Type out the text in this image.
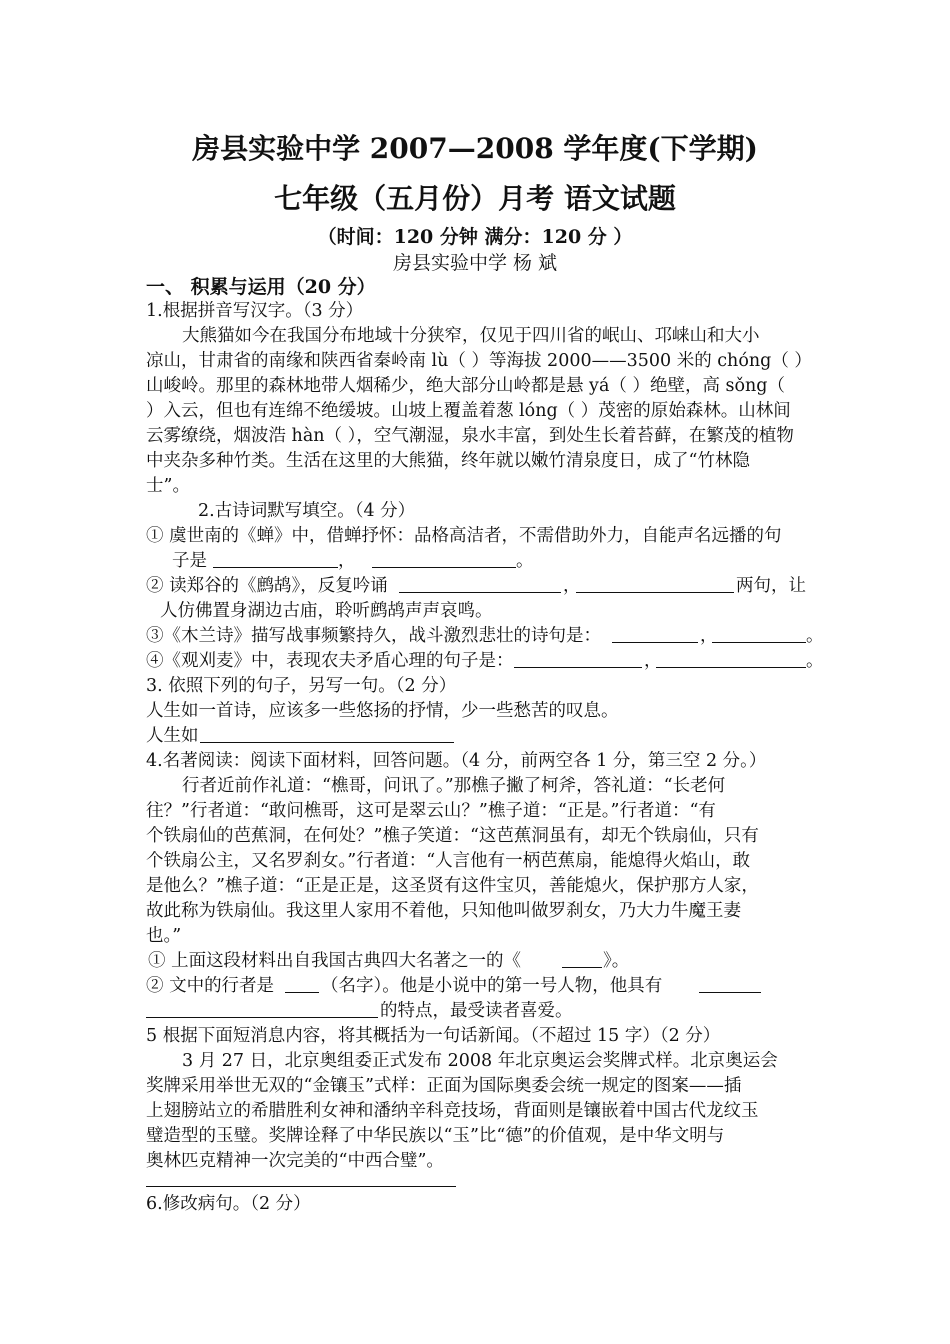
房县实验中学 2007—2008 学年度(下学期)
七年级（五月份）月考 语文试题
（时间：120 分钟 满分：120 分 ）
房县实验中学 杨 斌
一、 积累与运用（20 分）
1.根据拼音写汉字。（3 分）
大熊猫如今在我国分布地域十分狭窄，仅见于四川省的岷山、邛崃山和大小
凉山，甘肃省的南缘和陕西省秦岭南 lù（ ）等海拔 2000——3500 米的 chóng（ ）
山峻岭。那里的森林地带人烟稀少，绝大部分山岭都是悬 yá（ ）绝壁，高 sǒng（
）入云，但也有连绵不绝缓坡。山坡上覆盖着葱 lóng（ ）茂密的原始森林。山林间
云雾缭绕，烟波浩 hàn（ ），空气潮湿，泉水丰富，到处生长着苔藓，在繁茂的植物
中夹杂多种竹类。生活在这里的大熊猫，终年就以嫩竹清泉度日，成了“竹林隐
士”。
2.古诗词默写填空。（4 分）
① 虞世南的《蝉》中，借蝉抒怀：品格高洁者，不需借助外力，自能声名远播的句
子是	，	。
② 读郑谷的《鹧鸪》，反复吟诵	，	两句，让
人仿佛置身湖边古庙，聆听鹧鸪声声哀鸣。
③《木兰诗》描写战事频繁持久，战斗激烈悲壮的诗句是：	，	。
④《观刈麦》中，表现农夫矛盾心理的句子是：	，	。
3. 依照下列的句子，另写一句。（2 分）
人生如一首诗，应该多一些悠扬的抒情，少一些愁苦的叹息。
人生如
4.名著阅读：阅读下面材料，回答问题。（4 分，前两空各 1 分，第三空 2 分。）
行者近前作礼道：“樵哥，问讯了。”那樵子撇了柯斧，答礼道：“长老何
往？”行者道：“敢问樵哥，这可是翠云山？”樵子道：“正是。”行者道：“有
个铁扇仙的芭蕉洞，在何处？”樵子笑道：“这芭蕉洞虽有，却无个铁扇仙，只有
个铁扇公主，又名罗刹女。”行者道：“人言他有一柄芭蕉扇，能熄得火焰山，敢
是他么？”樵子道：“正是正是，这圣贤有这件宝贝，善能熄火，保护那方人家，
故此称为铁扇仙。我这里人家用不着他，只知他叫做罗刹女，乃大力牛魔王妻
也。”
① 上面这段材料出自我国古典四大名著之一的《	》。
② 文中的行者是	（名字）。他是小说中的第一号人物，他具有
的特点，最受读者喜爱。
5 根据下面短消息内容，将其概括为一句话新闻。（不超过 15 字）（2 分）
3 月 27 日，北京奥组委正式发布 2008 年北京奥运会奖牌式样。北京奥运会
奖牌采用举世无双的“金镶玉”式样：正面为国际奥委会统一规定的图案——插
上翅膀站立的希腊胜利女神和潘纳辛科竞技场，背面则是镶嵌着中国古代龙纹玉
璧造型的玉璧。奖牌诠释了中华民族以“玉”比“德”的价值观，是中华文明与
奥林匹克精神一次完美的“中西合璧”。
6.修改病句。（2 分）
